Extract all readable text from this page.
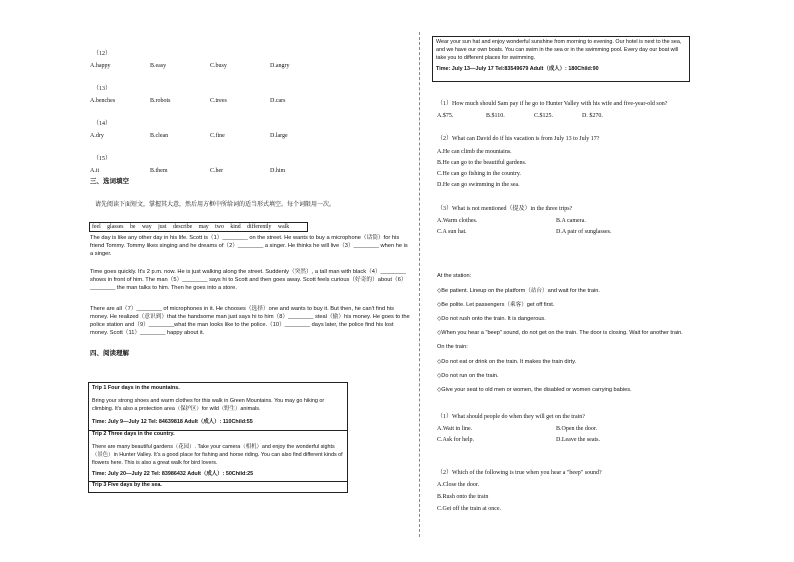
（12）
A.happy	B.easy	C.busy	D.angry
（13）
A.benches	B.robots	C.trees	D.cars
（14）
A.dry	B.clean	C.fine	D.large
（15）
A.it	B.them	C.her	D.him
三、选词填空
请先阅读下面短文，掌握其大意，然后用方框中所给词的适当形式填空。每个词限用一次。
feel glasses be way just describe may two kind differently walk
The day is like any other day in his life. Scott is（1）________ on the street. He wants to buy a microphone（话筒）for his friend Tommy. Tommy likes singing and he dreams of（2）________ a singer. He thinks he will live（3）________ when he is a singer.
Time goes quickly. It's 2 p.m. now. He is just walking along the street. Suddenly（突然）, a tall man with black（4）________ shows in front of him. The man（5）________ says hi to Scott and then goes away. Scott feels curious（好奇的）about（6）________ the man talks to him. Then he goes into a store.
There are all（7）________ of microphones in it. He chooses（选择）one and wants to buy it. But then, he can't find his money. He realized（意识到）that the handsome man just says hi to him（8）________ steal（偷）his money. He goes to the police station and（9）________what the man looks like to the police.（10）________ days later, the police find his lost money. Scott（11）________ happy about it.
四、阅读理解
Trip 1 Four days in the mountains.
Bring your strong shoes and warm clothes for this walk in Green Mountains. You may go hiking or climbing. It's also a protection area（保护区）for wild（野生）animals.
Time: July 9—July 12 Tel: 84639818 Adult（成人）: 110Child:55
Trip 2 Three days in the country.
There are many beautiful gardens（花园）. Take your camera（相机）and enjoy the wonderful sights（景色）in Hunter Valley. It's a good place for fishing and horse riding. You can also find different kinds of flowers here. This is also a great walk for bird lovers.
Time: July 20—July 22 Tel: 83986432 Adult（成人）: 50Child:25
Trip 3 Five days by the sea.
Wear your sun hat and enjoy wonderful sunshine from morning to evening. Our hotel is next to the sea, and we have our own boats. You can swim in the sea or in the swimming pool. Every day our boat will take you to different places for swimming.
Time: July 13—July 17 Tel:83549679 Adult（成人）: 180Child:90
（1）How much should Sam pay if he go to Hunter Valley with his wife and five-year-old son?
A.$75.	B.$110.	C.$125.	D. $270.
（2）What can David do if his vacation is from July 13 to July 17?
A.He can climb the mountains.
B.He can go to the beautiful gardens.
C.He can go fishing in the country.
D.He can go swimming in the sea.
（3）What is not mentioned（提及）in the three trips?
A.Warm clothes.	B.A camera.
C.A sun hat.	D.A pair of sunglasses.
At the station:
◇Be patient. Lineup on the platform（站台）and wait for the train.
◇Be polite. Let passengers（乘客）get off first.
◇Do not rush onto the train. It is dangerous.
◇When you hear a "beep" sound, do not get on the train. The door is closing. Wait for another train.
On the train:
◇Do not eat or drink on the train. It makes the train dirty.
◇Do not run on the train.
◇Give your seat to old men or women, the disabled or women carrying babies.
（1）What should people do when they will get on the train?
A.Wait in line.	B.Open the door.
C.Ask for help.	D.Leave the seats.
（2）Which of the following is true when you hear a "beep" sound?
A.Close the door.
B.Rush onto the train
C.Get off the train at once.
